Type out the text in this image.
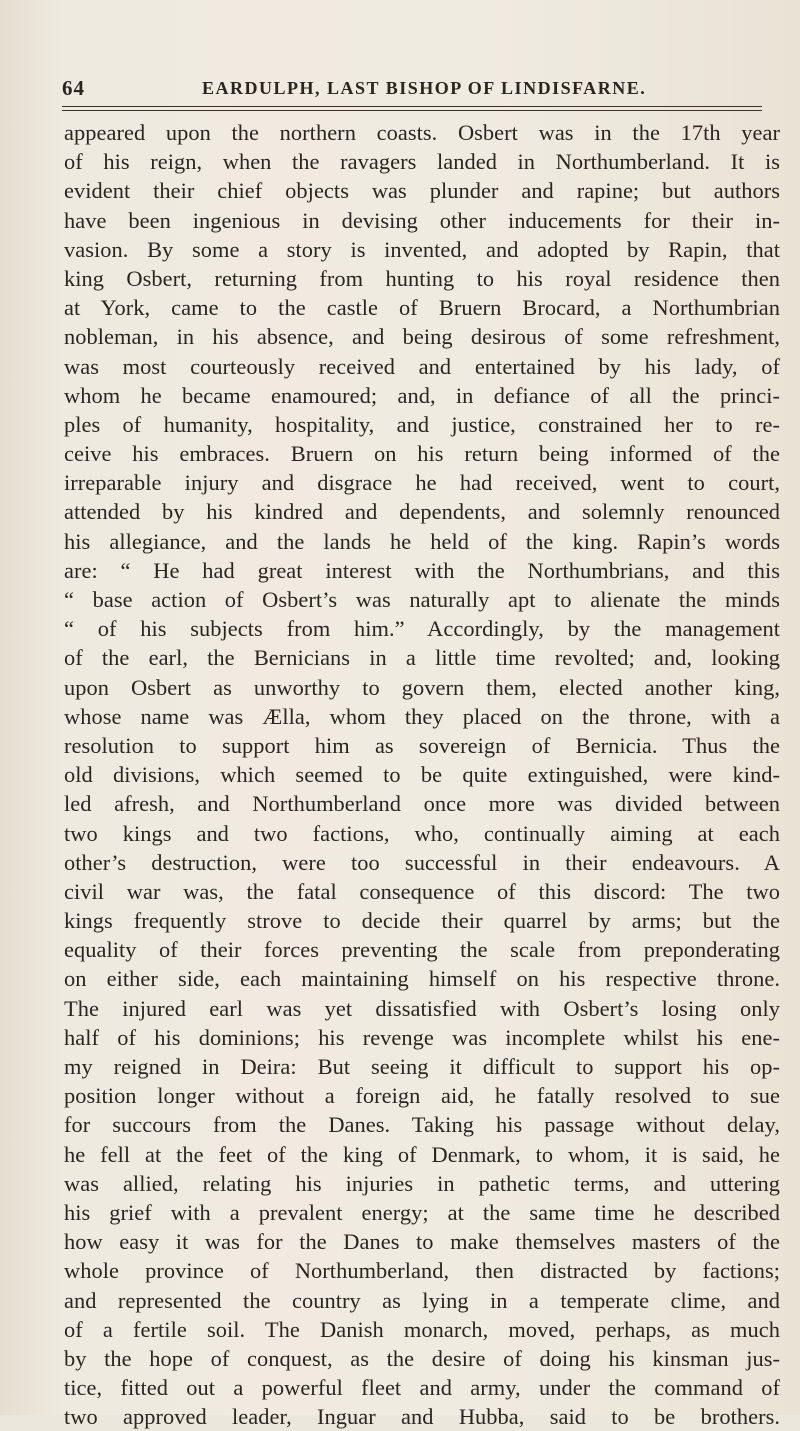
64	EARDULPH, LAST BISHOP OF LINDISFARNE.
appeared upon the northern coasts. Osbert was in the 17th year
of his reign, when the ravagers landed in Northumberland. It is
evident their chief objects was plunder and rapine; but authors
have been ingenious in devising other inducements for their in-
vasion. By some a story is invented, and adopted by Rapin, that
king Osbert, returning from hunting to his royal residence then
at York, came to the castle of Bruern Brocard, a Northumbrian
nobleman, in his absence, and being desirous of some refreshment,
was most courteously received and entertained by his lady, of
whom he became enamoured; and, in defiance of all the princi-
ples of humanity, hospitality, and justice, constrained her to re-
ceive his embraces. Bruern on his return being informed of the
irreparable injury and disgrace he had received, went to court,
attended by his kindred and dependents, and solemnly renounced
his allegiance, and the lands he held of the king. Rapin’s words
are: “ He had great interest with the Northumbrians, and this
“ base action of Osbert’s was naturally apt to alienate the minds
“ of his subjects from him.” Accordingly, by the management
of the earl, the Bernicians in a little time revolted; and, looking
upon Osbert as unworthy to govern them, elected another king,
whose name was Ælla, whom they placed on the throne, with a
resolution to support him as sovereign of Bernicia. Thus the
old divisions, which seemed to be quite extinguished, were kind-
led afresh, and Northumberland once more was divided between
two kings and two factions, who, continually aiming at each
other’s destruction, were too successful in their endeavours. A
civil war was, the fatal consequence of this discord: The two
kings frequently strove to decide their quarrel by arms; but the
equality of their forces preventing the scale from preponderating
on either side, each maintaining himself on his respective throne.
The injured earl was yet dissatisfied with Osbert’s losing only
half of his dominions; his revenge was incomplete whilst his ene-
my reigned in Deira: But seeing it difficult to support his op-
position longer without a foreign aid, he fatally resolved to sue
for succours from the Danes. Taking his passage without delay,
he fell at the feet of the king of Denmark, to whom, it is said, he
was allied, relating his injuries in pathetic terms, and uttering
his grief with a prevalent energy; at the same time he described
how easy it was for the Danes to make themselves masters of the
whole province of Northumberland, then distracted by factions;
and represented the country as lying in a temperate clime, and
of a fertile soil. The Danish monarch, moved, perhaps, as much
by the hope of conquest, as the desire of doing his kinsman jus-
tice, fitted out a powerful fleet and army, under the command of
two approved leader, Inguar and Hubba, said to be brothers.
